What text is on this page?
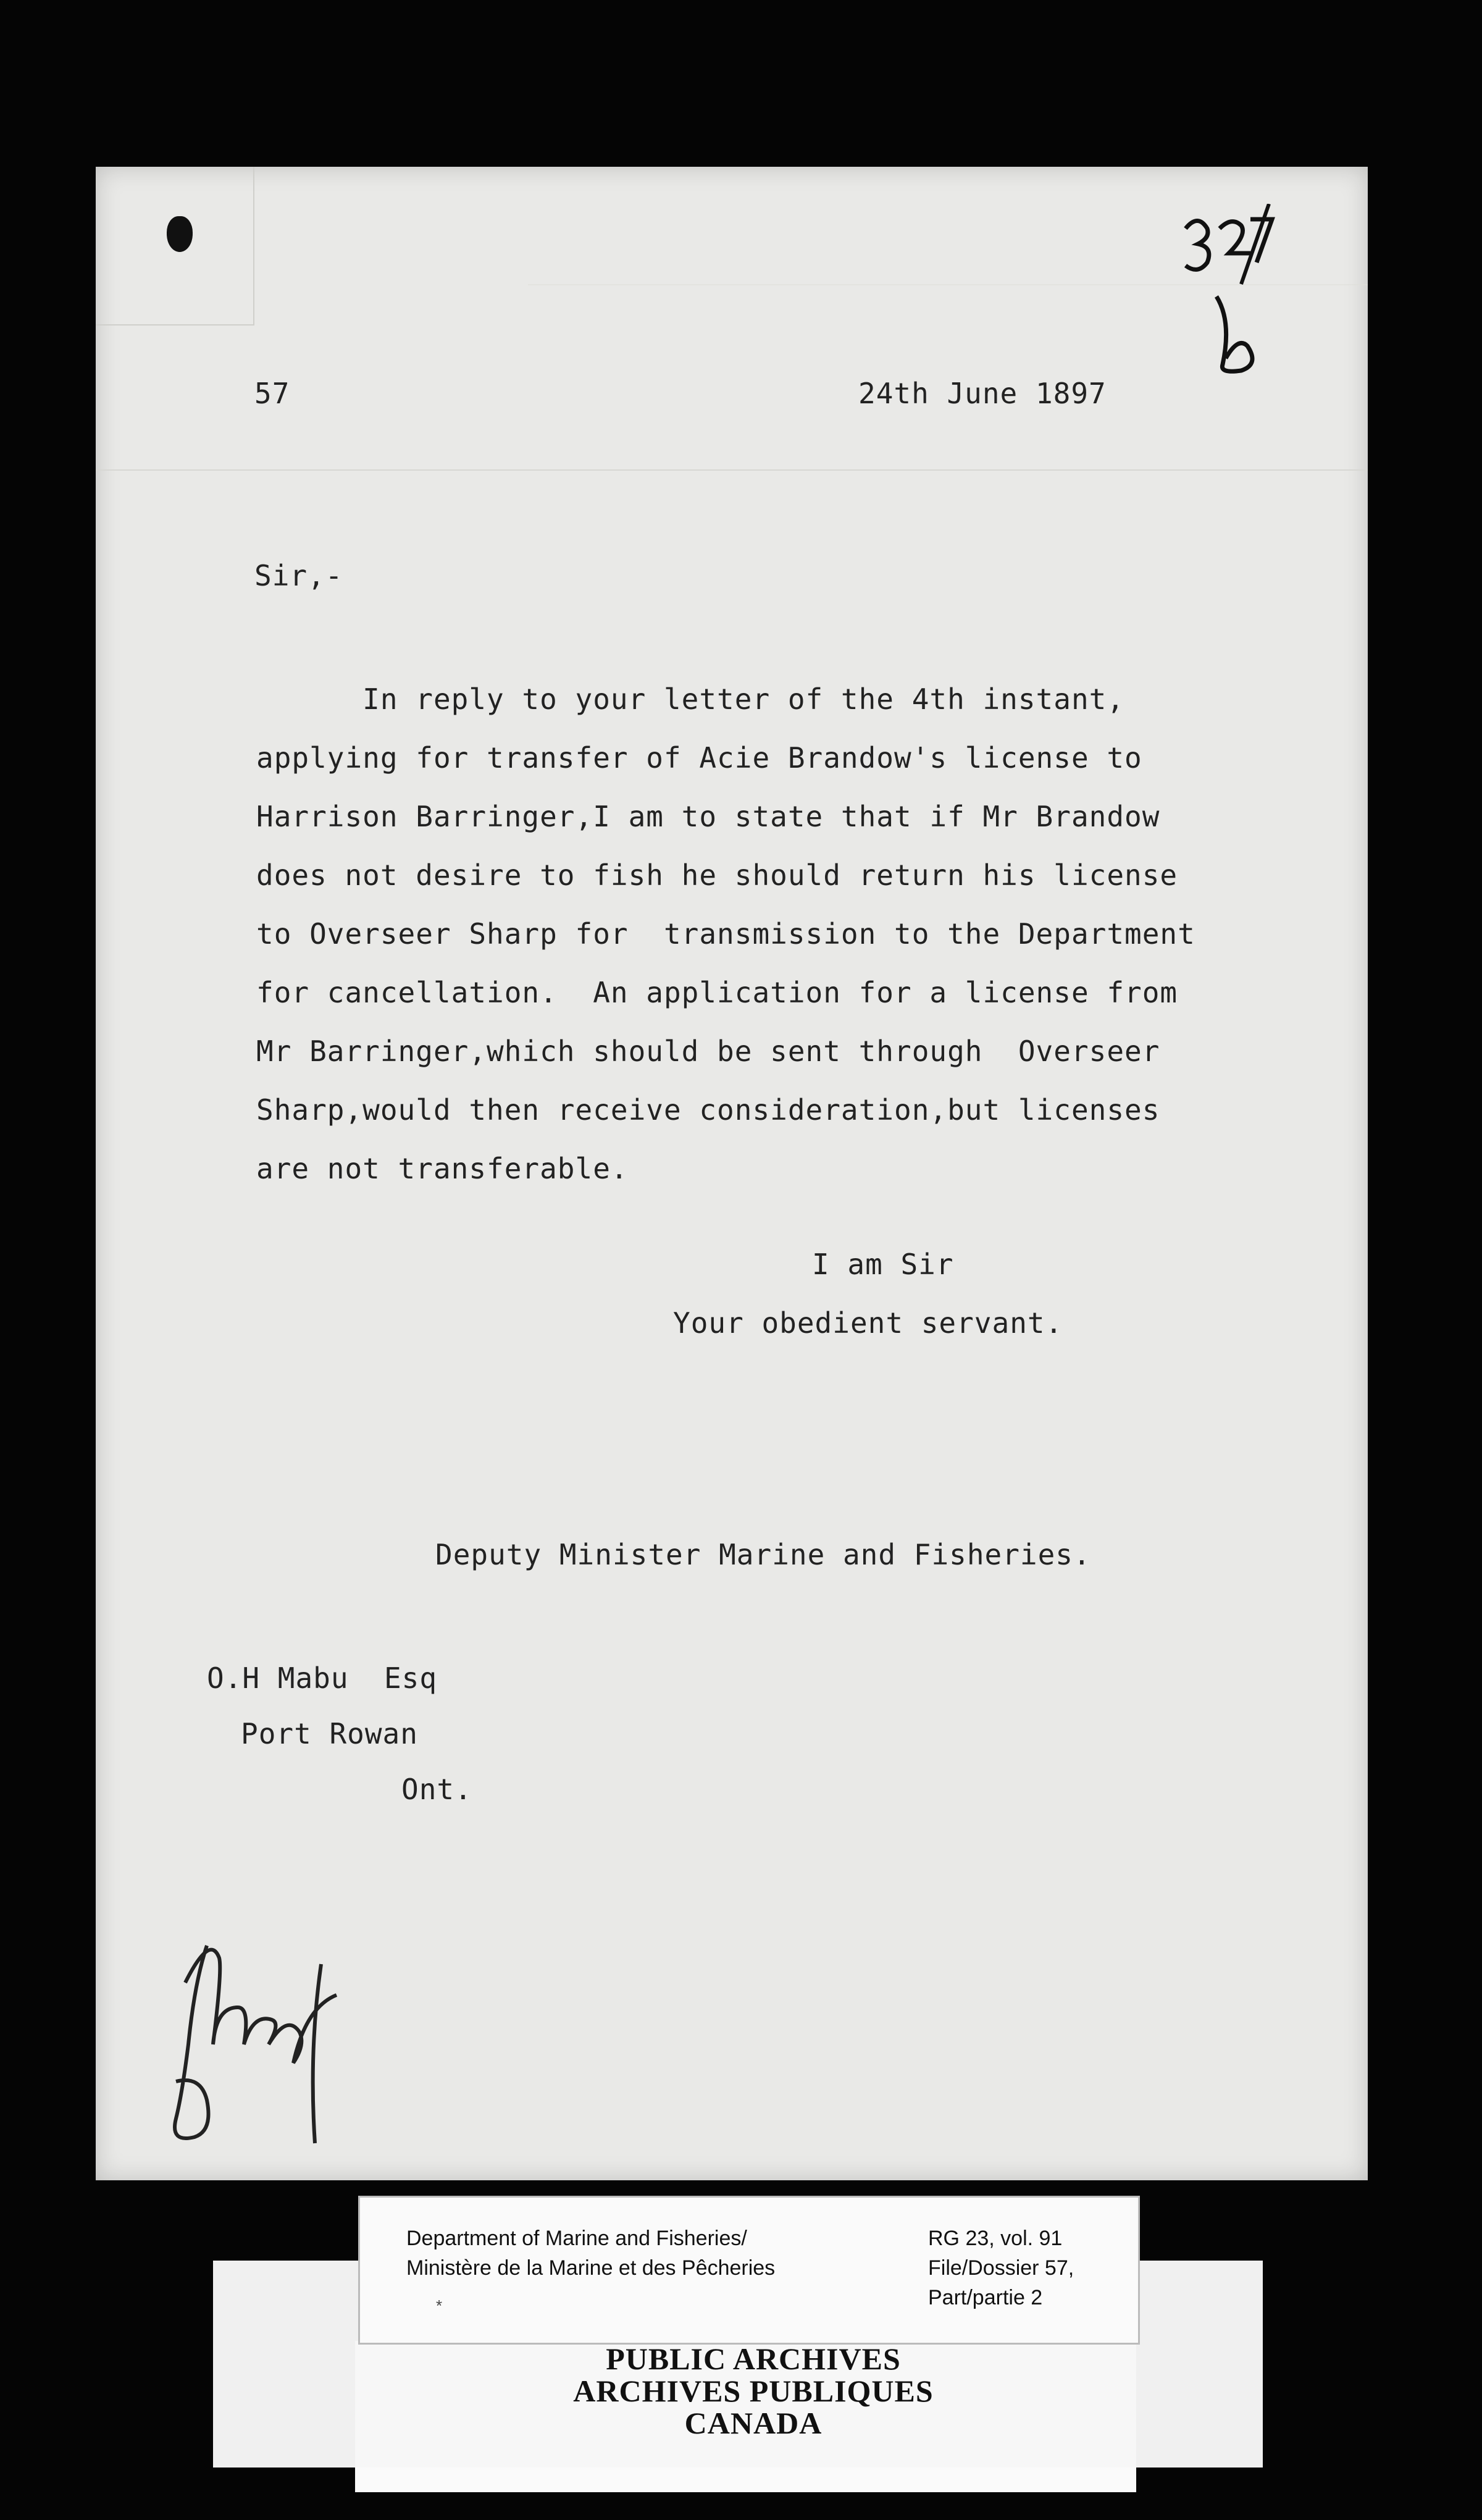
57	24th June 1897
Sir,-

In reply to your letter of the 4th instant,

applying for transfer of Acie Brandow's license to

Harrison Barringer,I am to state that if Mr Brandow

does not desire to fish he should return his license

to Overseer Sharp for  transmission to the Department

for cancellation.  An application for a license from

Mr Barringer,which should be sent through  Overseer

Sharp,would then receive consideration,but licenses

are not transferable.

I am Sir
Your obedient servant.
Deputy Minister Marine and Fisheries.
O.H Mabu  Esq
Port Rowan
Ont.
Department of Marine and Fisheries/
Ministère de la Marine et des Pêcheries
*
RG 23, vol. 91
File/Dossier 57,
Part/partie 2
PUBLIC ARCHIVES
ARCHIVES PUBLIQUES
CANADA
